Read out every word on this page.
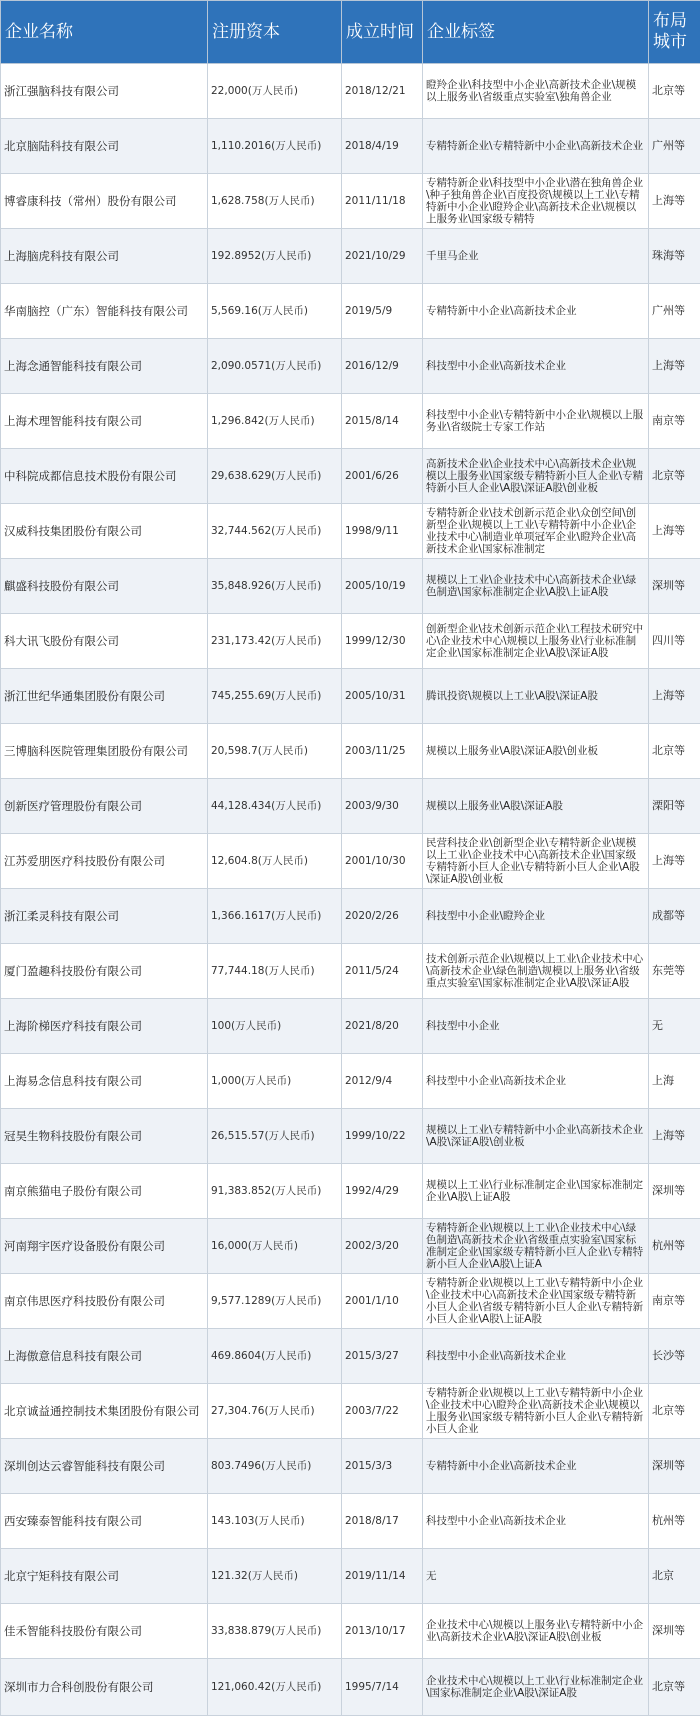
企业名称	注册资本	成立时间	企业标签	布局城市
浙江强脑科技有限公司	22,000(万人民币)	2018/12/21	瞪羚企业\科技型中小企业\高新技术企业\规模以上服务业\省级重点实验室\独角兽企业	北京等
北京脑陆科技有限公司	1,110.2016(万人民币)	2018/4/19	专精特新企业\专精特新中小企业\高新技术企业	广州等
博睿康科技（常州）股份有限公司	1,628.758(万人民币)	2011/11/18	专精特新企业\科技型中小企业\潜在独角兽企业\种子独角兽企业\百度投资\规模以上工业\专精特新中小企业\瞪羚企业\高新技术企业\规模以上服务业\国家级专精特	上海等
上海脑虎科技有限公司	192.8952(万人民币)	2021/10/29	千里马企业	珠海等
华南脑控（广东）智能科技有限公司	5,569.16(万人民币)	2019/5/9	专精特新中小企业\高新技术企业	广州等
上海念通智能科技有限公司	2,090.0571(万人民币)	2016/12/9	科技型中小企业\高新技术企业	上海等
上海术理智能科技有限公司	1,296.842(万人民币)	2015/8/14	科技型中小企业\专精特新中小企业\规模以上服务业\省级院士专家工作站	南京等
中科院成都信息技术股份有限公司	29,638.629(万人民币)	2001/6/26	高新技术企业\企业技术中心\高新技术企业\规模以上服务业\国家级专精特新小巨人企业\专精特新小巨人企业\A股\深证A股\创业板	北京等
汉威科技集团股份有限公司	32,744.562(万人民币)	1998/9/11	专精特新企业\技术创新示范企业\众创空间\创新型企业\规模以上工业\专精特新中小企业\企业技术中心\制造业单项冠军企业\瞪羚企业\高新技术企业\国家标准制定	上海等
麒盛科技股份有限公司	35,848.926(万人民币)	2005/10/19	规模以上工业\企业技术中心\高新技术企业\绿色制造\国家标准制定企业\A股\上证A股	深圳等
科大讯飞股份有限公司	231,173.42(万人民币)	1999/12/30	创新型企业\技术创新示范企业\工程技术研究中心\企业技术中心\规模以上服务业\行业标准制定企业\国家标准制定企业\A股\深证A股	四川等
浙江世纪华通集团股份有限公司	745,255.69(万人民币)	2005/10/31	腾讯投资\规模以上工业\A股\深证A股	上海等
三博脑科医院管理集团股份有限公司	20,598.7(万人民币)	2003/11/25	规模以上服务业\A股\深证A股\创业板	北京等
创新医疗管理股份有限公司	44,128.434(万人民币)	2003/9/30	规模以上服务业\A股\深证A股	溧阳等
江苏爱朋医疗科技股份有限公司	12,604.8(万人民币)	2001/10/30	民营科技企业\创新型企业\专精特新企业\规模以上工业\企业技术中心\高新技术企业\国家级专精特新小巨人企业\专精特新小巨人企业\A股\深证A股\创业板	上海等
浙江柔灵科技有限公司	1,366.1617(万人民币)	2020/2/26	科技型中小企业\瞪羚企业	成都等
厦门盈趣科技股份有限公司	77,744.18(万人民币)	2011/5/24	技术创新示范企业\规模以上工业\企业技术中心\高新技术企业\绿色制造\规模以上服务业\省级重点实验室\国家标准制定企业\A股\深证A股	东莞等
上海阶梯医疗科技有限公司	100(万人民币)	2021/8/20	科技型中小企业	无
上海易念信息科技有限公司	1,000(万人民币)	2012/9/4	科技型中小企业\高新技术企业	上海
冠昊生物科技股份有限公司	26,515.57(万人民币)	1999/10/22	规模以上工业\专精特新中小企业\高新技术企业\A股\深证A股\创业板	上海等
南京熊猫电子股份有限公司	91,383.852(万人民币)	1992/4/29	规模以上工业\行业标准制定企业\国家标准制定企业\A股\上证A股	深圳等
河南翔宇医疗设备股份有限公司	16,000(万人民币)	2002/3/20	专精特新企业\规模以上工业\企业技术中心\绿色制造\高新技术企业\省级重点实验室\国家标准制定企业\国家级专精特新小巨人企业\专精特新小巨人企业\A股\上证A	杭州等
南京伟思医疗科技股份有限公司	9,577.1289(万人民币)	2001/1/10	专精特新企业\规模以上工业\专精特新中小企业\企业技术中心\高新技术企业\国家级专精特新小巨人企业\省级专精特新小巨人企业\专精特新小巨人企业\A股\上证A股	南京等
上海傲意信息科技有限公司	469.8604(万人民币)	2015/3/27	科技型中小企业\高新技术企业	长沙等
北京诚益通控制技术集团股份有限公司	27,304.76(万人民币)	2003/7/22	专精特新企业\规模以上工业\专精特新中小企业\企业技术中心\瞪羚企业\高新技术企业\规模以上服务业\国家级专精特新小巨人企业\专精特新小巨人企业	北京等
深圳创达云睿智能科技有限公司	803.7496(万人民币)	2015/3/3	专精特新中小企业\高新技术企业	深圳等
西安臻泰智能科技有限公司	143.103(万人民币)	2018/8/17	科技型中小企业\高新技术企业	杭州等
北京宁矩科技有限公司	121.32(万人民币)	2019/11/14	无	北京
佳禾智能科技股份有限公司	33,838.879(万人民币)	2013/10/17	企业技术中心\规模以上服务业\专精特新中小企业\高新技术企业\A股\深证A股\创业板	深圳等
深圳市力合科创股份有限公司	121,060.42(万人民币)	1995/7/14	企业技术中心\规模以上工业\行业标准制定企业\国家标准制定企业\A股\深证A股	北京等
